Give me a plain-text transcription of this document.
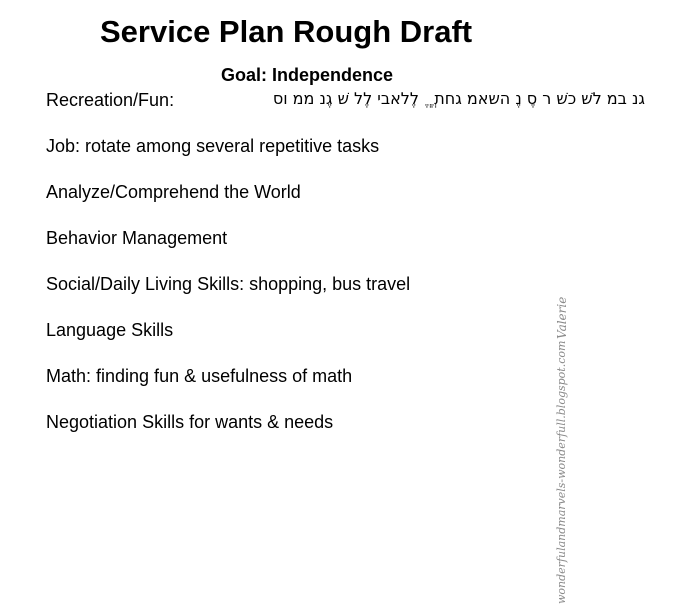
Service Plan Rough Draft
Goal: Independence
Recreation/Fun:	גנ במ לשׁ כשׁ ר סֶ נֶ השאמ גחת ֱ ֱ לֶלאבי לֶל שׁ גֶנ ממ וס
Job: rotate among several repetitive tasks
Analyze/Comprehend the World
Behavior Management
Social/Daily Living Skills: shopping, bus travel
Language Skills
Math: finding fun & usefulness of math
Negotiation Skills for wants & needs	wonderfulandmarvels-wonderfull.blogspot.com
Valerie
